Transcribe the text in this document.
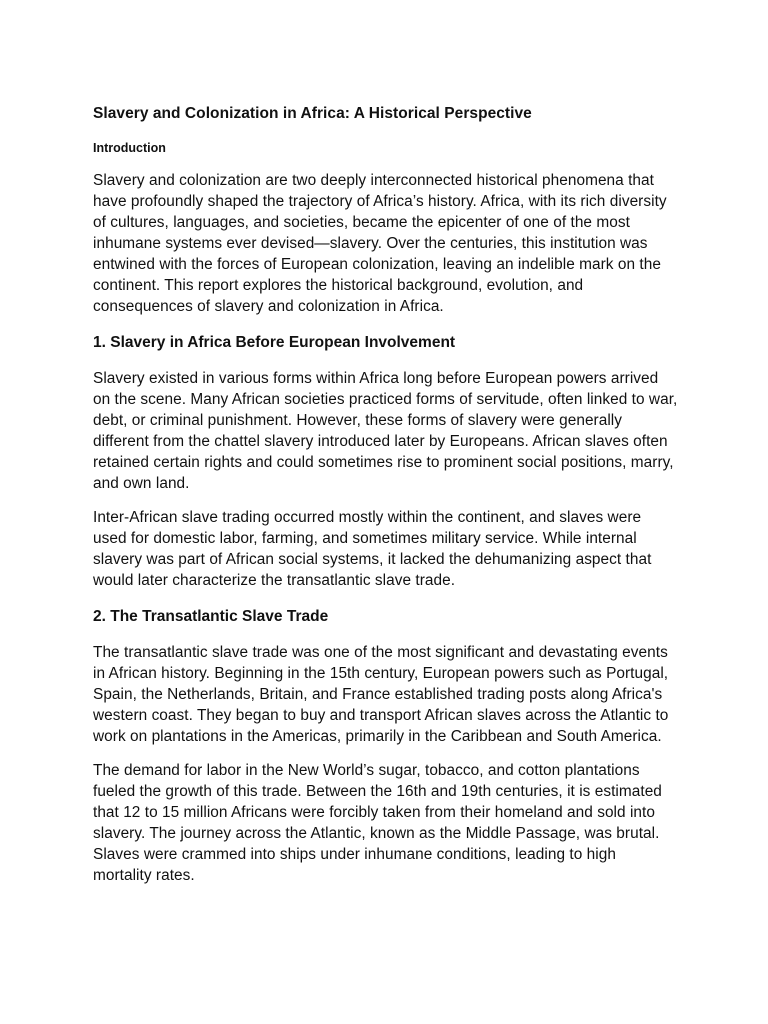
Slavery and Colonization in Africa: A Historical Perspective
Introduction

Slavery and colonization are two deeply interconnected historical phenomena that have profoundly shaped the trajectory of Africa’s history. Africa, with its rich diversity of cultures, languages, and societies, became the epicenter of one of the most inhumane systems ever devised—slavery. Over the centuries, this institution was entwined with the forces of European colonization, leaving an indelible mark on the continent. This report explores the historical background, evolution, and consequences of slavery and colonization in Africa.

1. Slavery in Africa Before European Involvement

Slavery existed in various forms within Africa long before European powers arrived on the scene. Many African societies practiced forms of servitude, often linked to war, debt, or criminal punishment. However, these forms of slavery were generally different from the chattel slavery introduced later by Europeans. African slaves often retained certain rights and could sometimes rise to prominent social positions, marry, and own land.

Inter-African slave trading occurred mostly within the continent, and slaves were used for domestic labor, farming, and sometimes military service. While internal slavery was part of African social systems, it lacked the dehumanizing aspect that would later characterize the transatlantic slave trade.

2. The Transatlantic Slave Trade

The transatlantic slave trade was one of the most significant and devastating events in African history. Beginning in the 15th century, European powers such as Portugal, Spain, the Netherlands, Britain, and France established trading posts along Africa's western coast. They began to buy and transport African slaves across the Atlantic to work on plantations in the Americas, primarily in the Caribbean and South America.

The demand for labor in the New World’s sugar, tobacco, and cotton plantations fueled the growth of this trade. Between the 16th and 19th centuries, it is estimated that 12 to 15 million Africans were forcibly taken from their homeland and sold into slavery. The journey across the Atlantic, known as the Middle Passage, was brutal. Slaves were crammed into ships under inhumane conditions, leading to high mortality rates.
